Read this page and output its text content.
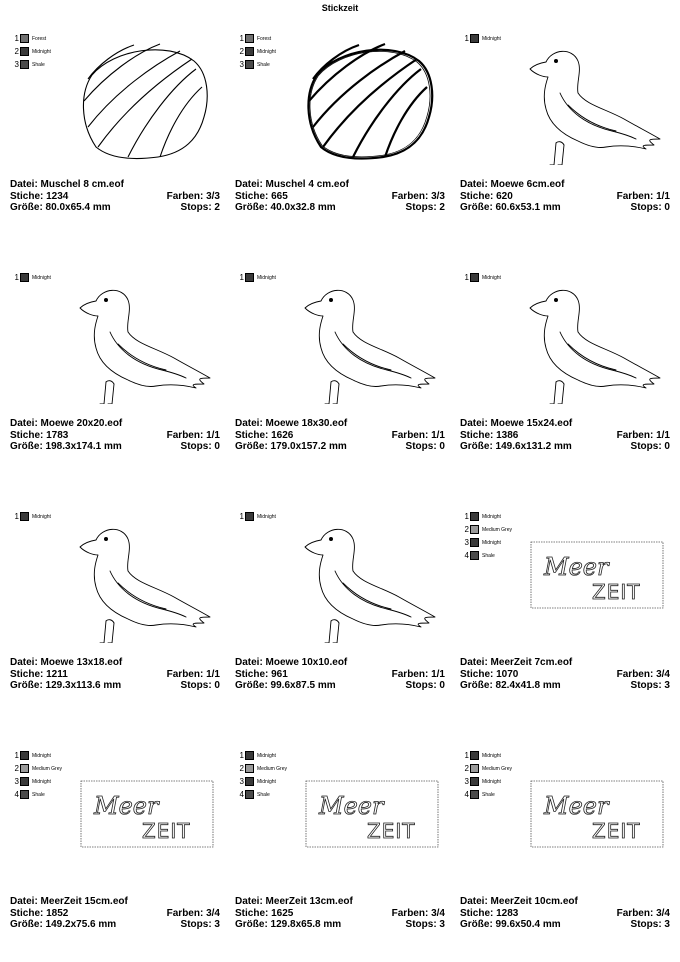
Stickzeit
1	Forest
2	Midnight
3	Shale
Datei: Muschel 8 cm.eof
Stiche: 1234	Farben: 3/3
Größe: 80.0x65.4 mm	Stops: 2
1	Forest
2	Midnight
3	Shale
Datei: Muschel 4 cm.eof
Stiche: 665	Farben: 3/3
Größe: 40.0x32.8 mm	Stops: 2
1	Midnight
Datei: Moewe 6cm.eof
Stiche: 620	Farben: 1/1
Größe: 60.6x53.1 mm	Stops: 0
1	Midnight
Datei: Moewe 20x20.eof
Stiche: 1783	Farben: 1/1
Größe: 198.3x174.1 mm	Stops: 0
1	Midnight
Datei: Moewe 18x30.eof
Stiche: 1626	Farben: 1/1
Größe: 179.0x157.2 mm	Stops: 0
1	Midnight
Datei: Moewe 15x24.eof
Stiche: 1386	Farben: 1/1
Größe: 149.6x131.2 mm	Stops: 0
1	Midnight
Datei: Moewe 13x18.eof
Stiche: 1211	Farben: 1/1
Größe: 129.3x113.6 mm	Stops: 0
1	Midnight
Datei: Moewe 10x10.eof
Stiche: 961	Farben: 1/1
Größe: 99.6x87.5 mm	Stops: 0
1	Midnight
2	Medium Grey
3	Midnight
4	Shale Meer
ZEIT
Datei: MeerZeit 7cm.eof
Stiche: 1070	Farben: 3/4
Größe: 82.4x41.8 mm	Stops: 3
1	Midnight
2	Medium Grey
3	Midnight
4	Shale Meer
ZEIT
Datei: MeerZeit 15cm.eof
Stiche: 1852	Farben: 3/4
Größe: 149.2x75.6 mm	Stops: 3
1	Midnight
2	Medium Grey
3	Midnight
4	Shale Meer
ZEIT
Datei: MeerZeit 13cm.eof
Stiche: 1625	Farben: 3/4
Größe: 129.8x65.8 mm	Stops: 3
1	Midnight
2	Medium Grey
3	Midnight
4	Shale Meer
ZEIT
Datei: MeerZeit 10cm.eof
Stiche: 1283	Farben: 3/4
Größe: 99.6x50.4 mm	Stops: 3
